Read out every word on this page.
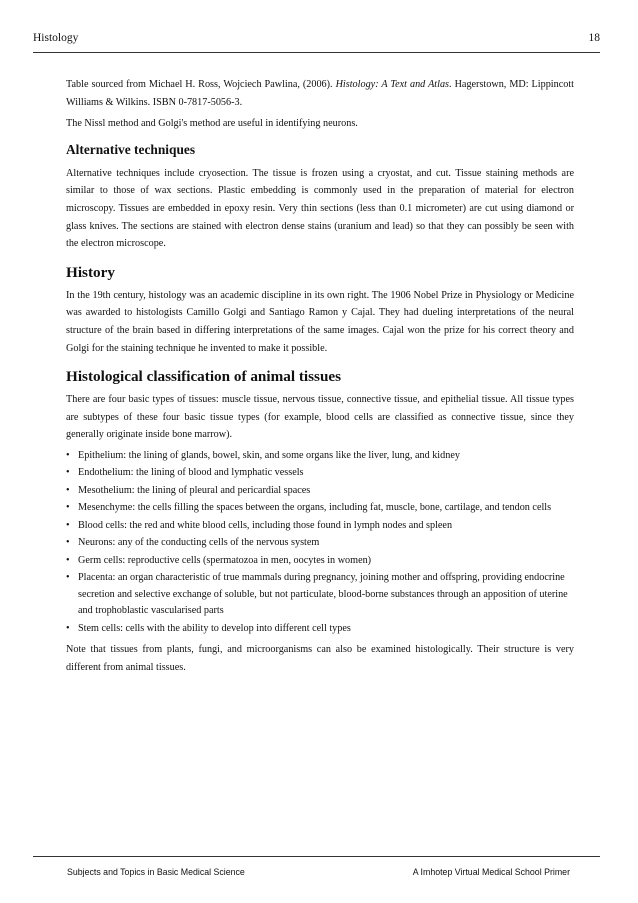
Histology	18

Table sourced from Michael H. Ross, Wojciech Pawlina, (2006). Histology: A Text and Atlas. Hagerstown, MD: Lippincott Williams & Wilkins. ISBN 0-7817-5056-3.

The Nissl method and Golgi's method are useful in identifying neurons.

Alternative techniques

Alternative techniques include cryosection. The tissue is frozen using a cryostat, and cut. Tissue staining methods are similar to those of wax sections. Plastic embedding is commonly used in the preparation of material for electron microscopy. Tissues are embedded in epoxy resin. Very thin sections (less than 0.1 micrometer) are cut using diamond or glass knives. The sections are stained with electron dense stains (uranium and lead) so that they can possibly be seen with the electron microscope.

History

In the 19th century, histology was an academic discipline in its own right. The 1906 Nobel Prize in Physiology or Medicine was awarded to histologists Camillo Golgi and Santiago Ramon y Cajal. They had dueling interpretations of the neural structure of the brain based in differing interpretations of the same images. Cajal won the prize for his correct theory and Golgi for the staining technique he invented to make it possible.

Histological classification of animal tissues

There are four basic types of tissues: muscle tissue, nervous tissue, connective tissue, and epithelial tissue. All tissue types are subtypes of these four basic tissue types (for example, blood cells are classified as connective tissue, since they generally originate inside bone marrow).

• Epithelium: the lining of glands, bowel, skin, and some organs like the liver, lung, and kidney
• Endothelium: the lining of blood and lymphatic vessels
• Mesothelium: the lining of pleural and pericardial spaces
• Mesenchyme: the cells filling the spaces between the organs, including fat, muscle, bone, cartilage, and tendon cells
• Blood cells: the red and white blood cells, including those found in lymph nodes and spleen
• Neurons: any of the conducting cells of the nervous system
• Germ cells: reproductive cells (spermatozoa in men, oocytes in women)
• Placenta: an organ characteristic of true mammals during pregnancy, joining mother and offspring, providing endocrine secretion and selective exchange of soluble, but not particulate, blood-borne substances through an apposition of uterine and trophoblastic vascularised parts
• Stem cells: cells with the ability to develop into different cell types

Note that tissues from plants, fungi, and microorganisms can also be examined histologically. Their structure is very different from animal tissues.

Subjects and Topics in Basic Medical Science	A Imhotep Virtual Medical School Primer
